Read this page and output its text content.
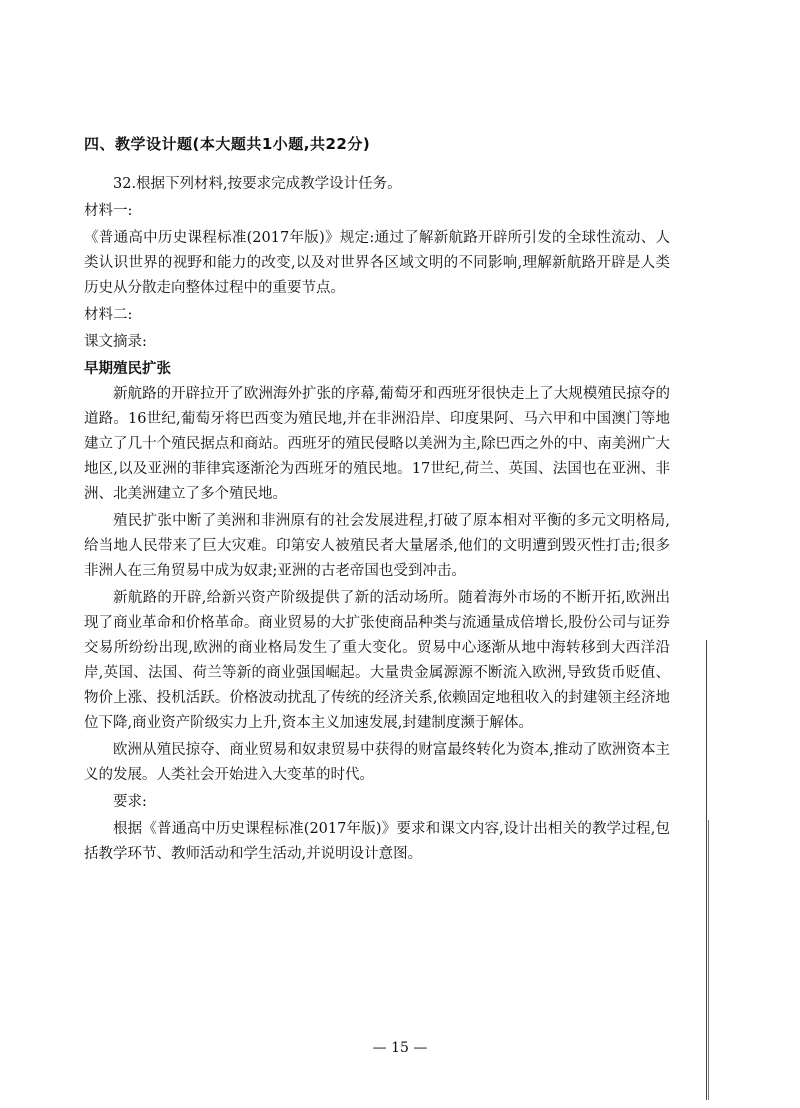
四、教学设计题(本大题共1小题,共22分)
32.根据下列材料,按要求完成教学设计任务。
材料一:
《普通高中历史课程标准(2017年版)》规定:通过了解新航路开辟所引发的全球性流动、人类认识世界的视野和能力的改变,以及对世界各区域文明的不同影响,理解新航路开辟是人类历史从分散走向整体过程中的重要节点。
材料二:
课文摘录:
早期殖民扩张
新航路的开辟拉开了欧洲海外扩张的序幕,葡萄牙和西班牙很快走上了大规模殖民掠夺的道路。16世纪,葡萄牙将巴西变为殖民地,并在非洲沿岸、印度果阿、马六甲和中国澳门等地建立了几十个殖民据点和商站。西班牙的殖民侵略以美洲为主,除巴西之外的中、南美洲广大地区,以及亚洲的菲律宾逐渐沦为西班牙的殖民地。17世纪,荷兰、英国、法国也在亚洲、非洲、北美洲建立了多个殖民地。
殖民扩张中断了美洲和非洲原有的社会发展进程,打破了原本相对平衡的多元文明格局,给当地人民带来了巨大灾难。印第安人被殖民者大量屠杀,他们的文明遭到毁灭性打击;很多非洲人在三角贸易中成为奴隶;亚洲的古老帝国也受到冲击。
新航路的开辟,给新兴资产阶级提供了新的活动场所。随着海外市场的不断开拓,欧洲出现了商业革命和价格革命。商业贸易的大扩张使商品种类与流通量成倍增长,股份公司与证券交易所纷纷出现,欧洲的商业格局发生了重大变化。贸易中心逐渐从地中海转移到大西洋沿岸,英国、法国、荷兰等新的商业强国崛起。大量贵金属源源不断流入欧洲,导致货币贬值、物价上涨、投机活跃。价格波动扰乱了传统的经济关系,依赖固定地租收入的封建领主经济地位下降,商业资产阶级实力上升,资本主义加速发展,封建制度濒于解体。
欧洲从殖民掠夺、商业贸易和奴隶贸易中获得的财富最终转化为资本,推动了欧洲资本主义的发展。人类社会开始进入大变革的时代。
要求:
根据《普通高中历史课程标准(2017年版)》要求和课文内容,设计出相关的教学过程,包括教学环节、教师活动和学生活动,并说明设计意图。
— 15 —
